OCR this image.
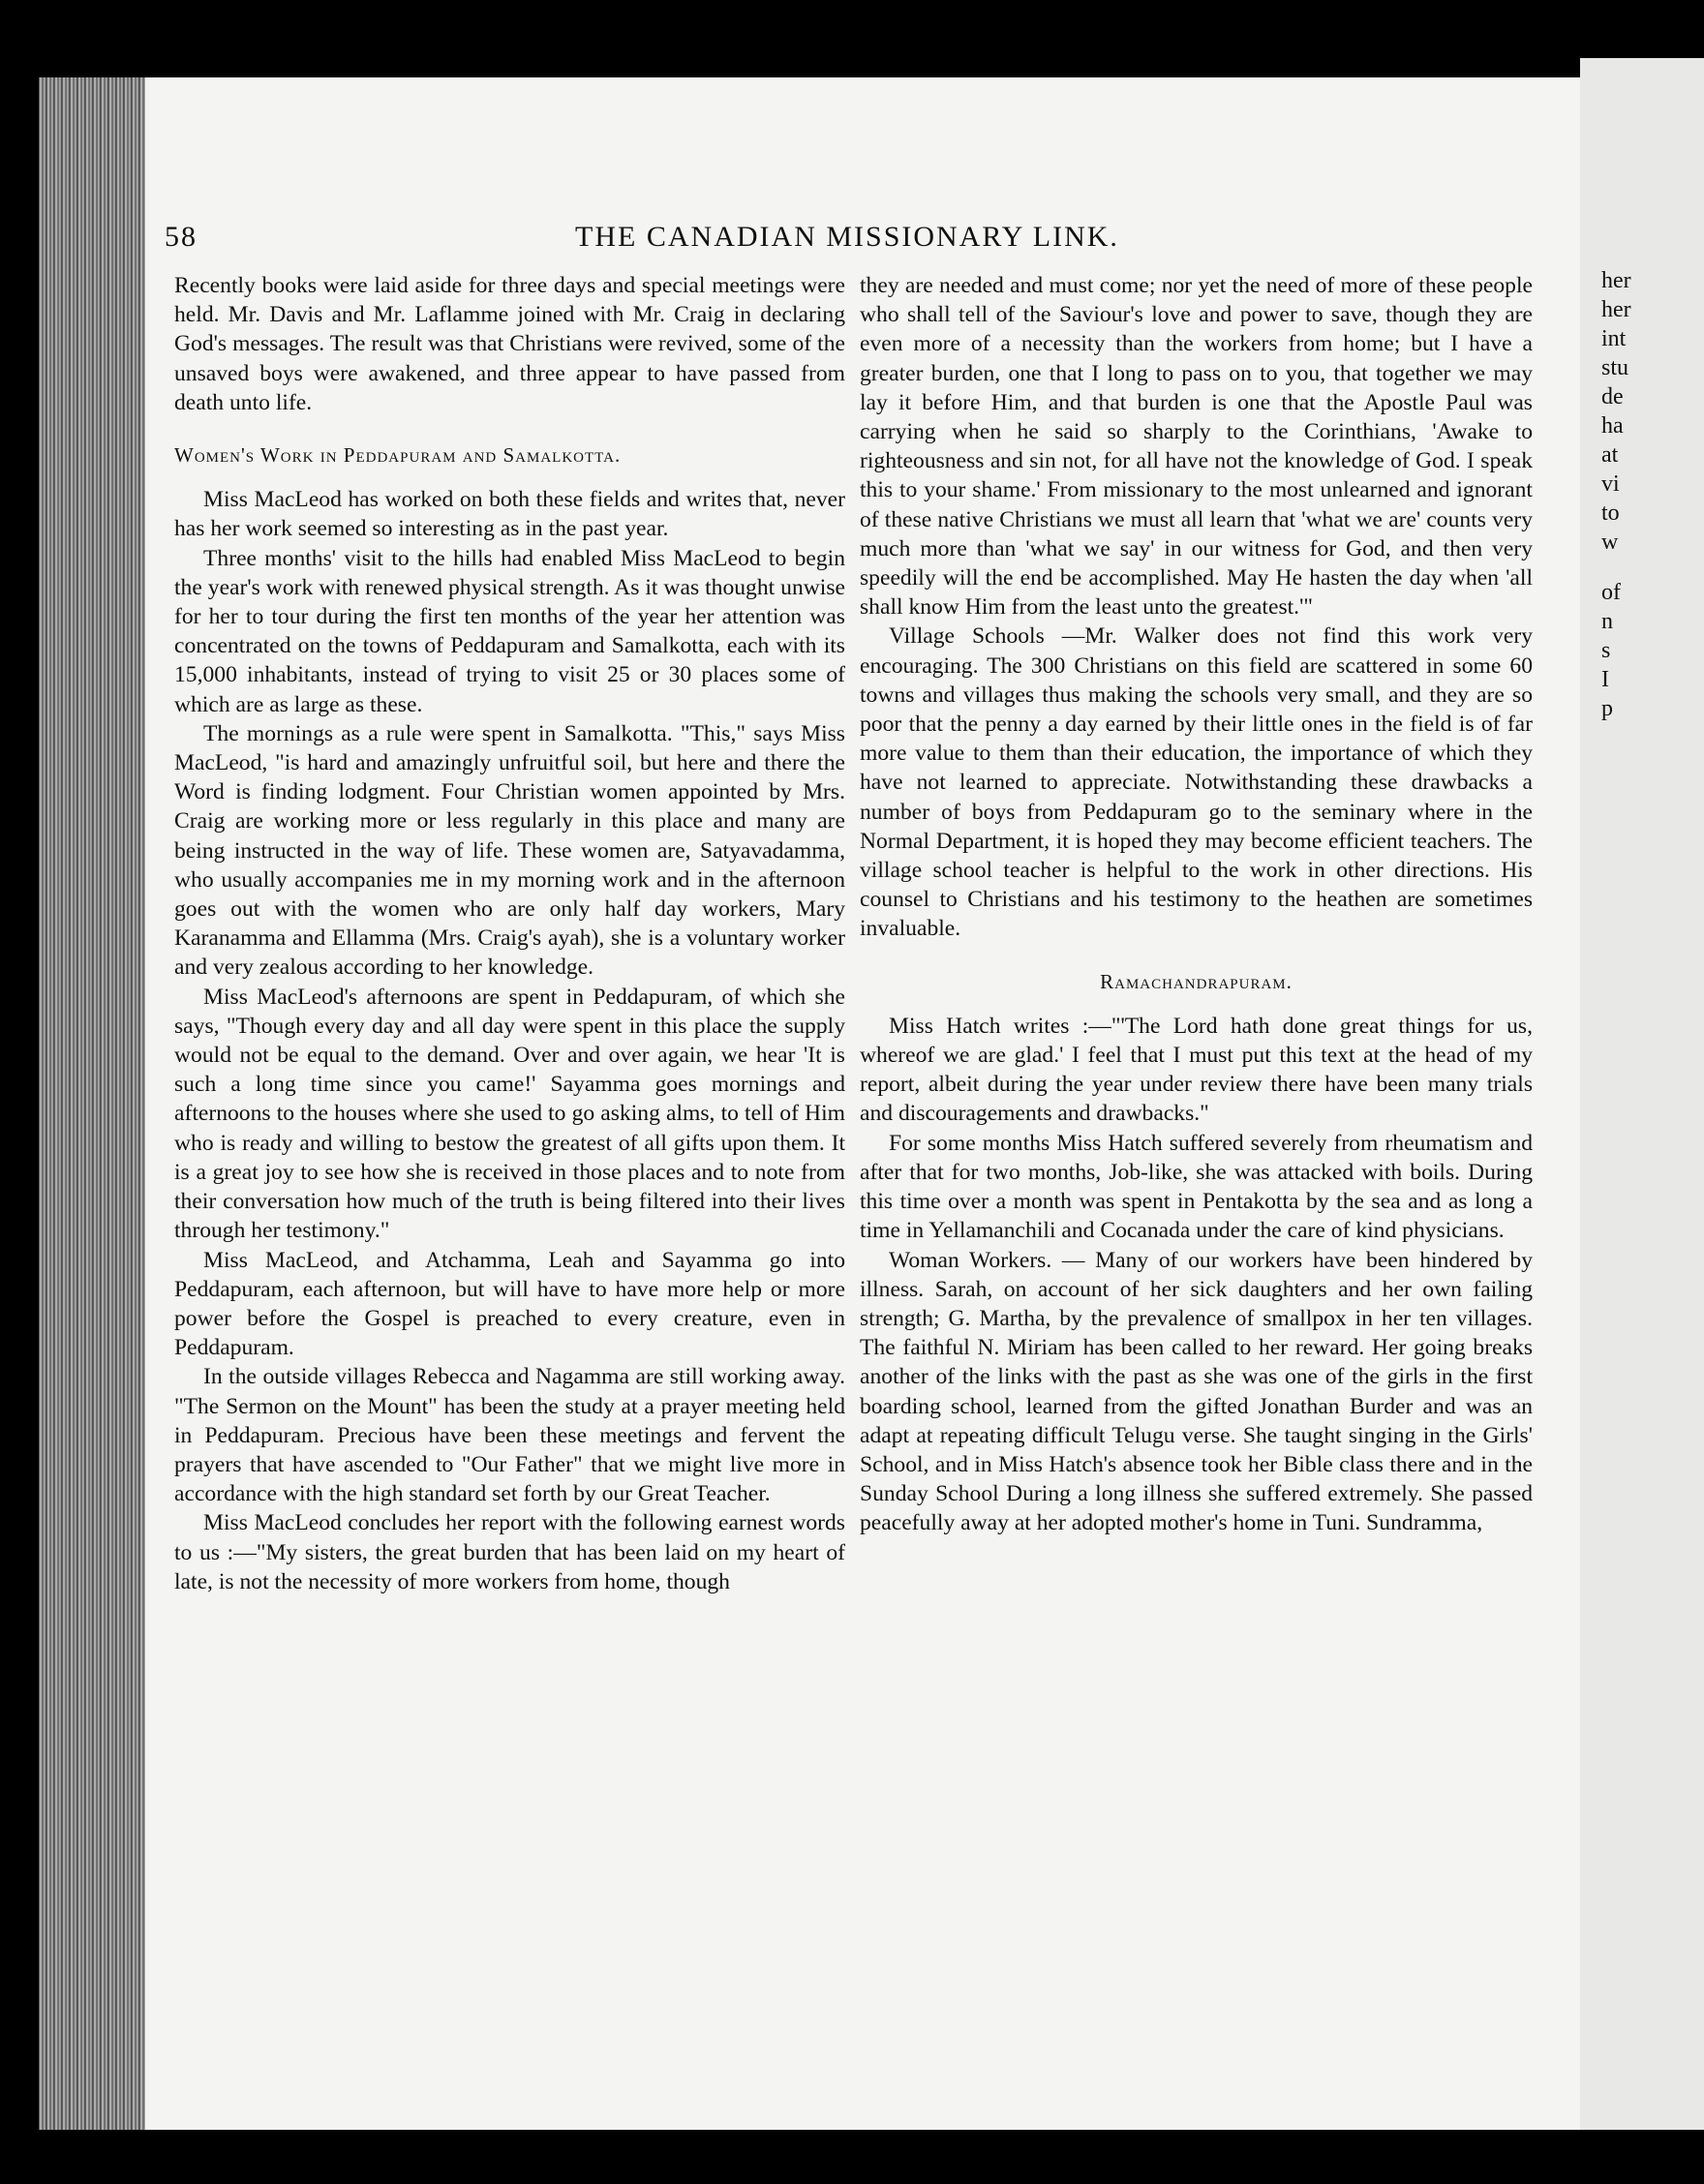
her
her
int
stu
de
ha
at
vi
to
w
of
n
s
I
p
58	THE CANADIAN MISSIONARY LINK.

Recently books were laid aside for three days and special meetings were held. Mr. Davis and Mr. Laflamme joined with Mr. Craig in declaring God's messages. The result was that Christians were revived, some of the unsaved boys were awakened, and three appear to have passed from death unto life.

Women's Work in Peddapuram and Samalkotta.

Miss MacLeod has worked on both these fields and writes that, never has her work seemed so interesting as in the past year.

Three months' visit to the hills had enabled Miss MacLeod to begin the year's work with renewed physical strength. As it was thought unwise for her to tour during the first ten months of the year her attention was concentrated on the towns of Peddapuram and Samalkotta, each with its 15,000 inhabitants, instead of trying to visit 25 or 30 places some of which are as large as these.

The mornings as a rule were spent in Samalkotta. "This," says Miss MacLeod, "is hard and amazingly unfruitful soil, but here and there the Word is finding lodgment. Four Christian women appointed by Mrs. Craig are working more or less regularly in this place and many are being instructed in the way of life. These women are, Satyavadamma, who usually accompanies me in my morning work and in the afternoon goes out with the women who are only half day workers, Mary Karanamma and Ellamma (Mrs. Craig's ayah), she is a voluntary worker and very zealous according to her knowledge.

Miss MacLeod's afternoons are spent in Peddapuram, of which she says, "Though every day and all day were spent in this place the supply would not be equal to the demand. Over and over again, we hear 'It is such a long time since you came!' Sayamma goes mornings and afternoons to the houses where she used to go asking alms, to tell of Him who is ready and willing to bestow the greatest of all gifts upon them. It is a great joy to see how she is received in those places and to note from their conversation how much of the truth is being filtered into their lives through her testimony."

Miss MacLeod, and Atchamma, Leah and Sayamma go into Peddapuram, each afternoon, but will have to have more help or more power before the Gospel is preached to every creature, even in Peddapuram.

In the outside villages Rebecca and Nagamma are still working away. "The Sermon on the Mount" has been the study at a prayer meeting held in Peddapuram. Precious have been these meetings and fervent the prayers that have ascended to "Our Father" that we might live more in accordance with the high standard set forth by our Great Teacher.

Miss MacLeod concludes her report with the following earnest words to us :—"My sisters, the great burden that has been laid on my heart of late, is not the necessity of more workers from home, though

they are needed and must come; nor yet the need of more of these people who shall tell of the Saviour's love and power to save, though they are even more of a necessity than the workers from home; but I have a greater burden, one that I long to pass on to you, that together we may lay it before Him, and that burden is one that the Apostle Paul was carrying when he said so sharply to the Corinthians, 'Awake to righteousness and sin not, for all have not the knowledge of God. I speak this to your shame.' From missionary to the most unlearned and ignorant of these native Christians we must all learn that 'what we are' counts very much more than 'what we say' in our witness for God, and then very speedily will the end be accomplished. May He hasten the day when 'all shall know Him from the least unto the greatest.'"

Village Schools —Mr. Walker does not find this work very encouraging. The 300 Christians on this field are scattered in some 60 towns and villages thus making the schools very small, and they are so poor that the penny a day earned by their little ones in the field is of far more value to them than their education, the importance of which they have not learned to appreciate. Notwithstanding these drawbacks a number of boys from Peddapuram go to the seminary where in the Normal Department, it is hoped they may become efficient teachers. The village school teacher is helpful to the work in other directions. His counsel to Christians and his testimony to the heathen are sometimes invaluable.

Ramachandrapuram.

Miss Hatch writes :—"'The Lord hath done great things for us, whereof we are glad.' I feel that I must put this text at the head of my report, albeit during the year under review there have been many trials and discouragements and drawbacks."

For some months Miss Hatch suffered severely from rheumatism and after that for two months, Job-like, she was attacked with boils. During this time over a month was spent in Pentakotta by the sea and as long a time in Yellamanchili and Cocanada under the care of kind physicians.

Woman Workers. — Many of our workers have been hindered by illness. Sarah, on account of her sick daughters and her own failing strength; G. Martha, by the prevalence of smallpox in her ten villages. The faithful N. Miriam has been called to her reward. Her going breaks another of the links with the past as she was one of the girls in the first boarding school, learned from the gifted Jonathan Burder and was an adapt at repeating difficult Telugu verse. She taught singing in the Girls' School, and in Miss Hatch's absence took her Bible class there and in the Sunday School During a long illness she suffered extremely. She passed peacefully away at her adopted mother's home in Tuni. Sundramma,
